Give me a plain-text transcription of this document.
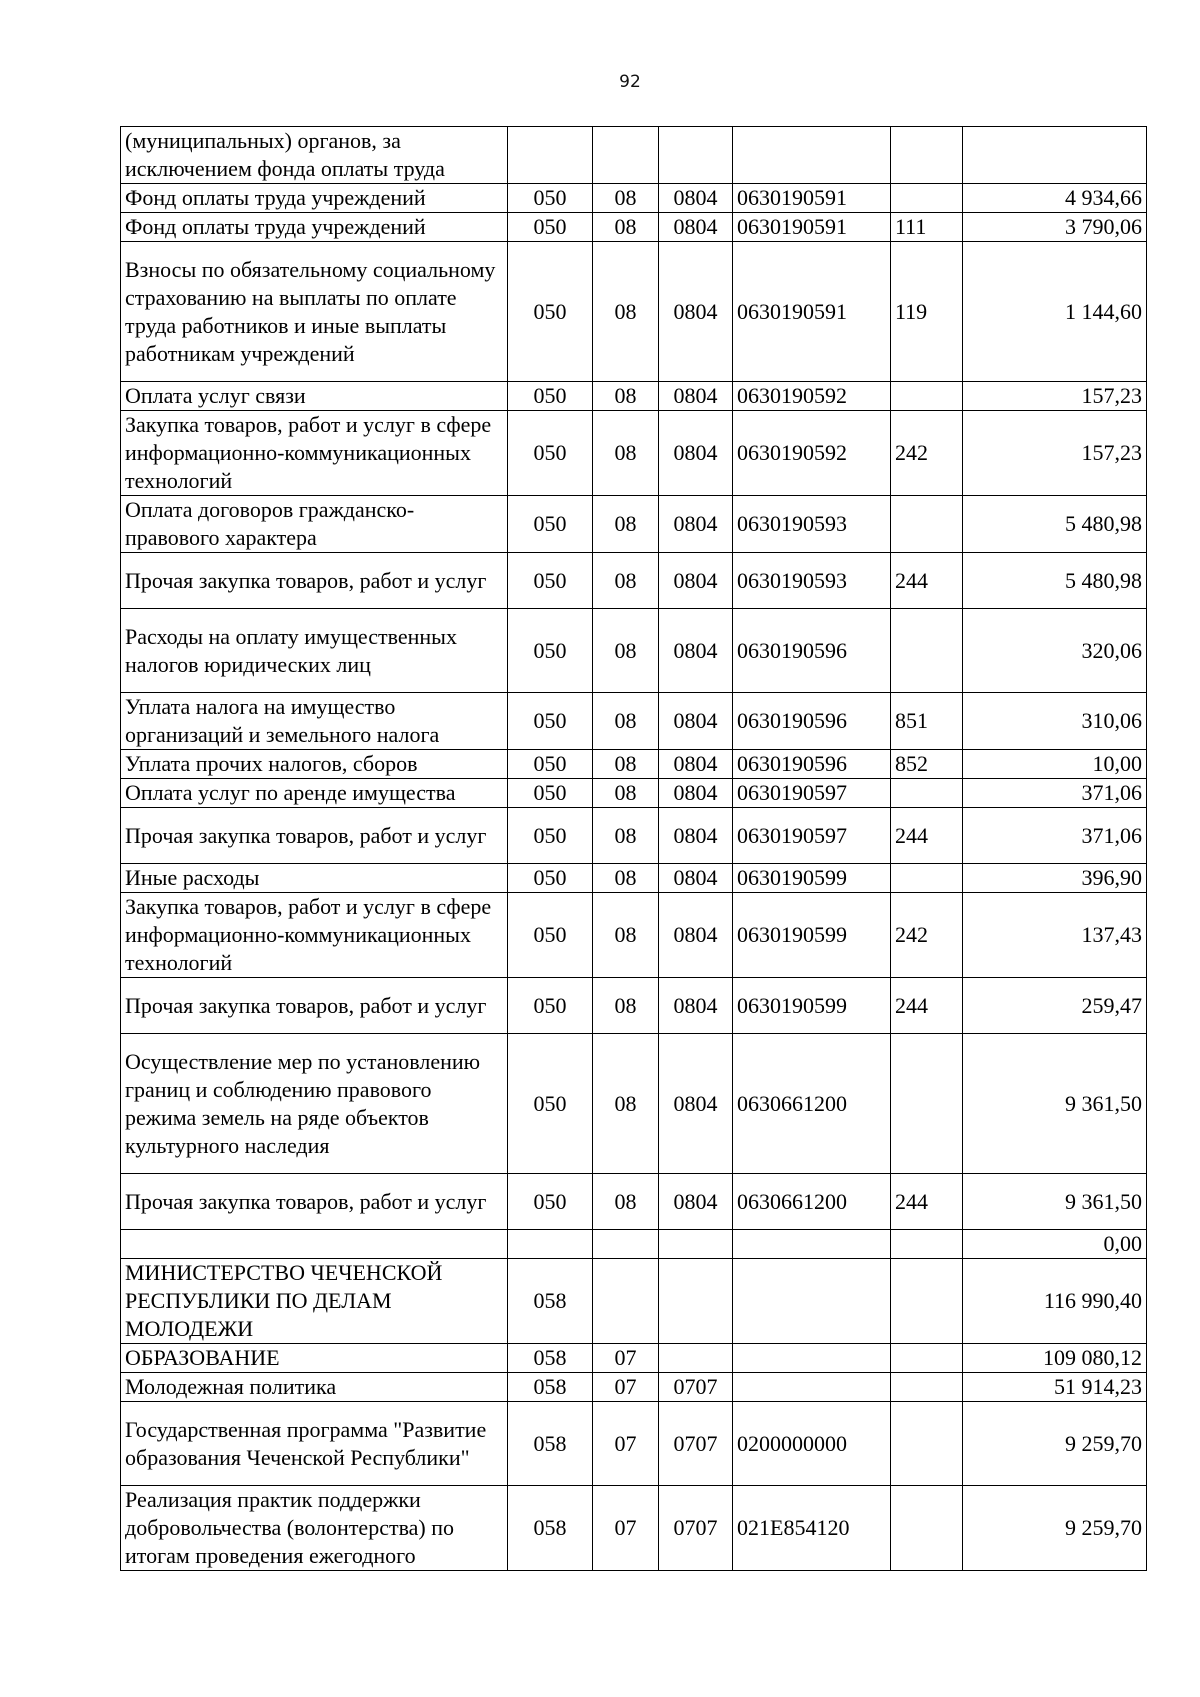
92
(муниципальных) органов, за исключением фонда оплаты труда						
Фонд оплаты труда учреждений	050	08	0804	0630190591		4 934,66
Фонд оплаты труда учреждений	050	08	0804	0630190591	111	3 790,06
Взносы по обязательному социальному страхованию на выплаты по оплате труда работников и иные выплаты работникам учреждений	050	08	0804	0630190591	119	1 144,60
Оплата услуг связи	050	08	0804	0630190592		157,23
Закупка товаров, работ и услуг в сфере информационно-коммуникационных технологий	050	08	0804	0630190592	242	157,23
Оплата договоров гражданско-правового характера	050	08	0804	0630190593		5 480,98
Прочая закупка товаров, работ и услуг	050	08	0804	0630190593	244	5 480,98
Расходы на оплату имущественных налогов юридических лиц	050	08	0804	0630190596		320,06
Уплата налога на имущество организаций и земельного налога	050	08	0804	0630190596	851	310,06
Уплата прочих налогов, сборов	050	08	0804	0630190596	852	10,00
Оплата услуг по аренде имущества	050	08	0804	0630190597		371,06
Прочая закупка товаров, работ и услуг	050	08	0804	0630190597	244	371,06
Иные расходы	050	08	0804	0630190599		396,90
Закупка товаров, работ и услуг в сфере информационно-коммуникационных технологий	050	08	0804	0630190599	242	137,43
Прочая закупка товаров, работ и услуг	050	08	0804	0630190599	244	259,47
Осуществление мер по установлению границ и соблюдению правового режима земель на ряде объектов культурного наследия	050	08	0804	0630661200		9 361,50
Прочая закупка товаров, работ и услуг	050	08	0804	0630661200	244	9 361,50
						0,00
МИНИСТЕРСТВО ЧЕЧЕНСКОЙ РЕСПУБЛИКИ ПО ДЕЛАМ МОЛОДЕЖИ	058					116 990,40
ОБРАЗОВАНИЕ	058	07				109 080,12
Молодежная политика	058	07	0707			51 914,23
Государственная программа "Развитие образования Чеченской Республики"	058	07	0707	0200000000		9 259,70
Реализация практик поддержки добровольчества (волонтерства) по итогам проведения ежегодного	058	07	0707	021E854120		9 259,70
